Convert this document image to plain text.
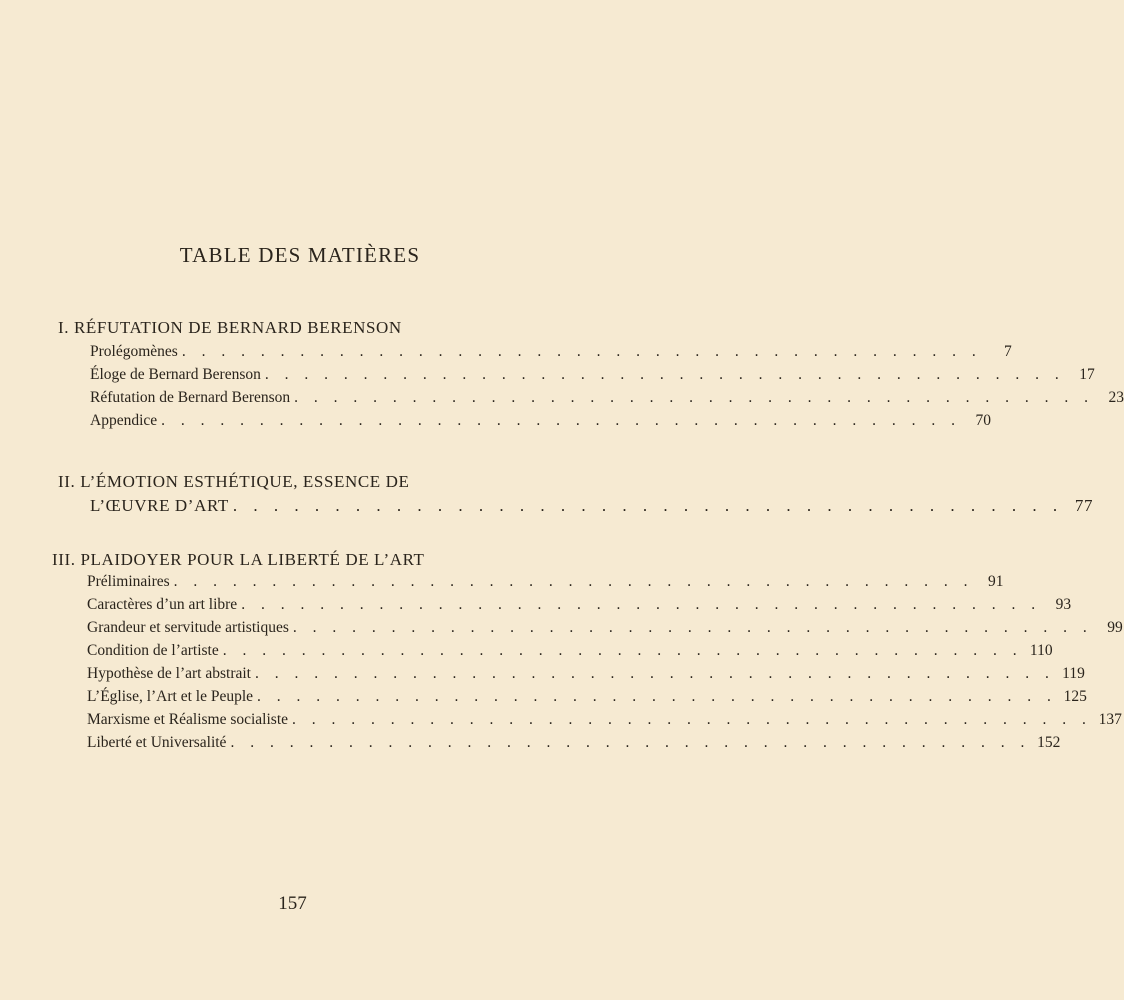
TABLE DES MATIÈRES
I. RÉFUTATION DE BERNARD BERENSON
Prolégomènes . . . . . . . . . . . . . . . . . . . . . . . . . . . . . . . . . . . . . . . . .	7
Éloge de Bernard Berenson . . . . . . . . . . . . . . . . . . . . . . . . . . . . . . . . . . . . . . . . . 17
Réfutation de Bernard Berenson . . . . . . . . . . . . . . . . . . . . . . . . . . . . . . . . . . . . . . . . . 23
Appendice . . . . . . . . . . . . . . . . . . . . . . . . . . . . . . . . . . . . . . . . . 70
II. L’ÉMOTION ESTHÉTIQUE, ESSENCE DE
L’ŒUVRE D’ART . . . . . . . . . . . . . . . . . . . . . . . . . . . . . . . . . . . . . . . . . 77
III. PLAIDOYER POUR LA LIBERTÉ DE L’ART
Préliminaires . . . . . . . . . . . . . . . . . . . . . . . . . . . . . . . . . . . . . . . . . 91
Caractères d’un art libre . . . . . . . . . . . . . . . . . . . . . . . . . . . . . . . . . . . . . . . . . 93
Grandeur et servitude artistiques . . . . . . . . . . . . . . . . . . . . . . . . . . . . . . . . . . . . . . . . . 99
Condition de l’artiste . . . . . . . . . . . . . . . . . . . . . . . . . . . . . . . . . . . . . . . . . 110
Hypothèse de l’art abstrait . . . . . . . . . . . . . . . . . . . . . . . . . . . . . . . . . . . . . . . . . 119
L’Église, l’Art et le Peuple . . . . . . . . . . . . . . . . . . . . . . . . . . . . . . . . . . . . . . . . . 125
Marxisme et Réalisme socialiste . . . . . . . . . . . . . . . . . . . . . . . . . . . . . . . . . . . . . . . . . 137
Liberté et Universalité . . . . . . . . . . . . . . . . . . . . . . . . . . . . . . . . . . . . . . . . . 152
157
